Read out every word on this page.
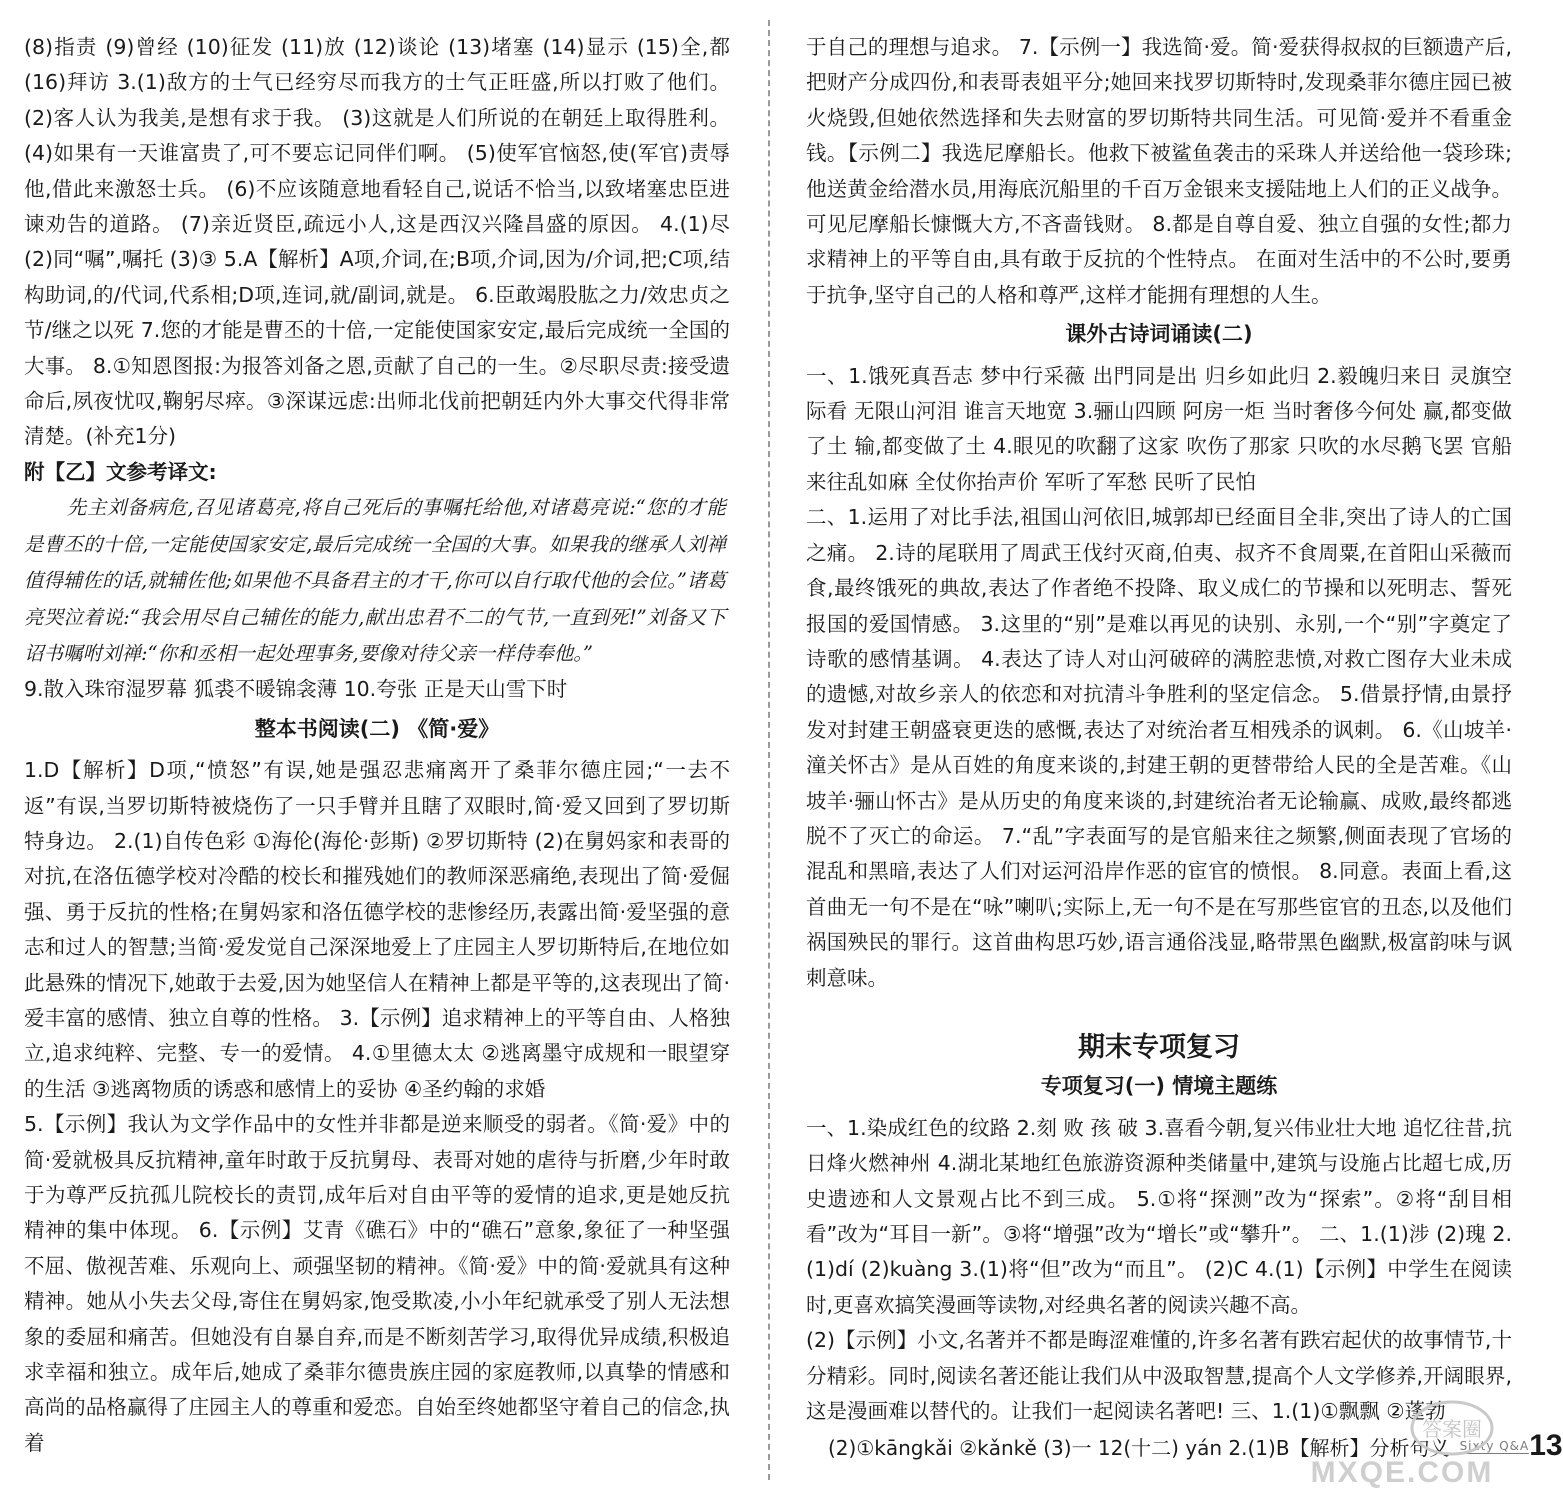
(8)指责 (9)曾经 (10)征发 (11)放 (12)谈论 (13)堵塞 (14)显示 (15)全,都 (16)拜访 3.(1)敌方的士气已经穷尽而我方的士气正旺盛,所以打败了他们。 (2)客人认为我美,是想有求于我。 (3)这就是人们所说的在朝廷上取得胜利。 (4)如果有一天谁富贵了,可不要忘记同伴们啊。 (5)使军官恼怒,使(军官)责辱他,借此来激怒士兵。 (6)不应该随意地看轻自己,说话不恰当,以致堵塞忠臣进谏劝告的道路。 (7)亲近贤臣,疏远小人,这是西汉兴隆昌盛的原因。 4.(1)尽 (2)同“嘱”,嘱托 (3)③ 5.A【解析】A项,介词,在;B项,介词,因为/介词,把;C项,结构助词,的/代词,代系相;D项,连词,就/副词,就是。 6.臣敢竭股肱之力/效忠贞之节/继之以死 7.您的才能是曹丕的十倍,一定能使国家安定,最后完成统一全国的大事。 8.①知恩图报:为报答刘备之恩,贡献了自己的一生。②尽职尽责:接受遗命后,夙夜忧叹,鞠躬尽瘁。③深谋远虑:出师北伐前把朝廷内外大事交代得非常清楚。(补充1分)

附【乙】文参考译文:

先主刘备病危,召见诸葛亮,将自己死后的事嘱托给他,对诸葛亮说:“您的才能是曹丕的十倍,一定能使国家安定,最后完成统一全国的大事。如果我的继承人刘禅值得辅佐的话,就辅佐他;如果他不具备君主的才干,你可以自行取代他的会位。”诸葛亮哭泣着说:“我会用尽自己辅佐的能力,献出忠君不二的气节,一直到死!”刘备又下诏书嘱咐刘禅:“你和丞相一起处理事务,要像对待父亲一样侍奉他。”

9.散入珠帘湿罗幕 狐裘不暖锦衾薄 10.夸张 正是天山雪下时

整本书阅读(二) 《简·爱》

1.D【解析】D项,“愤怒”有误,她是强忍悲痛离开了桑菲尔德庄园;“一去不返”有误,当罗切斯特被烧伤了一只手臂并且瞎了双眼时,简·爱又回到了罗切斯特身边。 2.(1)自传色彩 ①海伦(海伦·彭斯) ②罗切斯特 (2)在舅妈家和表哥的对抗,在洛伍德学校对冷酷的校长和摧残她们的教师深恶痛绝,表现出了简·爱倔强、勇于反抗的性格;在舅妈家和洛伍德学校的悲惨经历,表露出简·爱坚强的意志和过人的智慧;当简·爱发觉自己深深地爱上了庄园主人罗切斯特后,在地位如此悬殊的情况下,她敢于去爱,因为她坚信人在精神上都是平等的,这表现出了简·爱丰富的感情、独立自尊的性格。 3.【示例】追求精神上的平等自由、人格独立,追求纯粹、完整、专一的爱情。 4.①里德太太 ②逃离墨守成规和一眼望穿的生活 ③逃离物质的诱惑和感情上的妥协 ④圣约翰的求婚

5.【示例】我认为文学作品中的女性并非都是逆来顺受的弱者。《简·爱》中的简·爱就极具反抗精神,童年时敢于反抗舅母、表哥对她的虐待与折磨,少年时敢于为尊严反抗孤儿院校长的责罚,成年后对自由平等的爱情的追求,更是她反抗精神的集中体现。 6.【示例】艾青《礁石》中的“礁石”意象,象征了一种坚强不屈、傲视苦难、乐观向上、顽强坚韧的精神。《简·爱》中的简·爱就具有这种精神。她从小失去父母,寄住在舅妈家,饱受欺凌,小小年纪就承受了别人无法想象的委屈和痛苦。但她没有自暴自弃,而是不断刻苦学习,取得优异成绩,积极追求幸福和独立。成年后,她成了桑菲尔德贵族庄园的家庭教师,以真挚的情感和高尚的品格赢得了庄园主人的尊重和爱恋。自始至终她都坚守着自己的信念,执着

于自己的理想与追求。 7.【示例一】我选简·爱。简·爱获得叔叔的巨额遗产后,把财产分成四份,和表哥表姐平分;她回来找罗切斯特时,发现桑菲尔德庄园已被火烧毁,但她依然选择和失去财富的罗切斯特共同生活。可见简·爱并不看重金钱。【示例二】我选尼摩船长。他救下被鲨鱼袭击的采珠人并送给他一袋珍珠;他送黄金给潜水员,用海底沉船里的千百万金银来支援陆地上人们的正义战争。可见尼摩船长慷慨大方,不吝啬钱财。 8.都是自尊自爱、独立自强的女性;都力求精神上的平等自由,具有敢于反抗的个性特点。 在面对生活中的不公时,要勇于抗争,坚守自己的人格和尊严,这样才能拥有理想的人生。

课外古诗词诵读(二)

一、1.饿死真吾志 梦中行采薇 出門同是出 归乡如此归 2.毅魄归来日 灵旗空际看 无限山河泪 谁言天地宽 3.骊山四顾 阿房一炬 当时奢侈今何处 赢,都变做了土 输,都变做了土 4.眼见的吹翻了这家 吹伤了那家 只吹的水尽鹅飞罢 官船来往乱如麻 全仗你抬声价 军听了军愁 民听了民怕

二、1.运用了对比手法,祖国山河依旧,城郭却已经面目全非,突出了诗人的亡国之痛。 2.诗的尾联用了周武王伐纣灭商,伯夷、叔齐不食周粟,在首阳山采薇而食,最终饿死的典故,表达了作者绝不投降、取义成仁的节操和以死明志、誓死报国的爱国情感。 3.这里的“别”是难以再见的诀别、永别,一个“别”字奠定了诗歌的感情基调。 4.表达了诗人对山河破碎的满腔悲愤,对救亡图存大业未成的遗憾,对故乡亲人的依恋和对抗清斗争胜利的坚定信念。 5.借景抒情,由景抒发对封建王朝盛衰更迭的感慨,表达了对统治者互相残杀的讽刺。 6.《山坡羊·潼关怀古》是从百姓的角度来谈的,封建王朝的更替带给人民的全是苦难。《山坡羊·骊山怀古》是从历史的角度来谈的,封建统治者无论输赢、成败,最终都逃脱不了灭亡的命运。 7.“乱”字表面写的是官船来往之频繁,侧面表现了官场的混乱和黑暗,表达了人们对运河沿岸作恶的宦官的愤恨。 8.同意。表面上看,这首曲无一句不是在“咏”喇叭;实际上,无一句不是在写那些宦官的丑态,以及他们祸国殃民的罪行。这首曲构思巧妙,语言通俗浅显,略带黑色幽默,极富韵味与讽刺意味。

期末专项复习
专项复习(一) 情境主题练

一、1.染成红色的纹路 2.刻 败 孩 破 3.喜看今朝,复兴伟业壮大地 追忆往昔,抗日烽火燃神州 4.湖北某地红色旅游资源种类储量中,建筑与设施占比超七成,历史遗迹和人文景观占比不到三成。 5.①将“探测”改为“探索”。②将“刮目相看”改为“耳目一新”。③将“增强”改为“增长”或“攀升”。 二、1.(1)涉 (2)瑰 2.(1)dí (2)kuàng 3.(1)将“但”改为“而且”。 (2)C 4.(1)【示例】中学生在阅读时,更喜欢搞笑漫画等读物,对经典名著的阅读兴趣不高。

(2)【示例】小文,名著并不都是晦涩难懂的,许多名著有跌宕起伏的故事情节,十分精彩。同时,阅读名著还能让我们从中汲取智慧,提高个人文学修养,开阔眼界,这是漫画难以替代的。让我们一起阅读名著吧! 三、1.(1)①飘飘 ②蓬勃

(2)①kāngkǎi ②kǎnkě (3)一 12(十二) yán 2.(1)B【解析】分析句义 Sixty Q&A 13
答案圈
MXQE.COM
